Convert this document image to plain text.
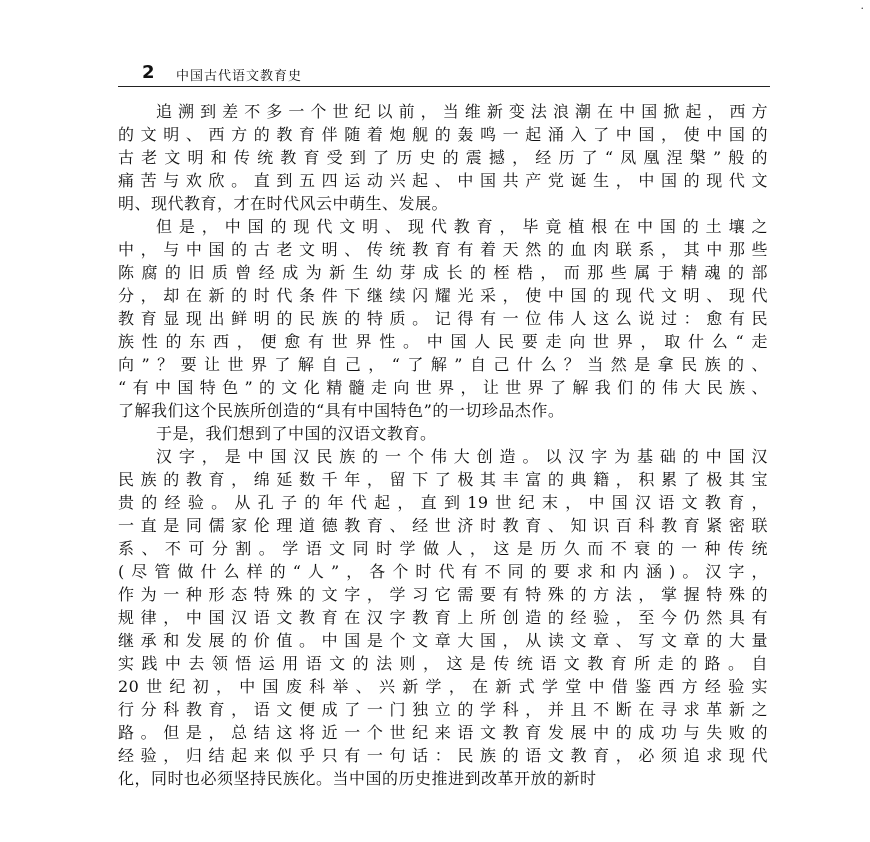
·
2 中国古代语文教育史
追溯到差不多一个世纪以前，当维新变法浪潮在中国掀起，西方
的文明、西方的教育伴随着炮舰的轰鸣一起涌入了中国，使中国的
古老文明和传统教育受到了历史的震撼，经历了“凤凰涅槃”般的
痛苦与欢欣。直到五四运动兴起、中国共产党诞生，中国的现代文
明、现代教育，才在时代风云中萌生、发展。
但是，中国的现代文明、现代教育，毕竟植根在中国的土壤之
中，与中国的古老文明、传统教育有着天然的血肉联系，其中那些
陈腐的旧质曾经成为新生幼芽成长的桎梏，而那些属于精魂的部
分，却在新的时代条件下继续闪耀光采，使中国的现代文明、现代
教育显现出鲜明的民族的特质。记得有一位伟人这么说过：愈有民
族性的东西，便愈有世界性。中国人民要走向世界，取什么“走
向”？要让世界了解自己，“了解”自己什么？当然是拿民族的、
“有中国特色”的文化精髓走向世界，让世界了解我们的伟大民族、
了解我们这个民族所创造的“具有中国特色”的一切珍品杰作。
于是，我们想到了中国的汉语文教育。
汉字，是中国汉民族的一个伟大创造。以汉字为基础的中国汉
民族的教育，绵延数千年，留下了极其丰富的典籍，积累了极其宝
贵的经验。从孔子的年代起，直到19世纪末，中国汉语文教育，
一直是同儒家伦理道德教育、经世济时教育、知识百科教育紧密联
系、不可分割。学语文同时学做人，这是历久而不衰的一种传统
(尽管做什么样的“人”，各个时代有不同的要求和内涵)。汉字，
作为一种形态特殊的文字，学习它需要有特殊的方法，掌握特殊的
规律，中国汉语文教育在汉字教育上所创造的经验，至今仍然具有
继承和发展的价值。中国是个文章大国，从读文章、写文章的大量
实践中去领悟运用语文的法则，这是传统语文教育所走的路。自
20世纪初，中国废科举、兴新学，在新式学堂中借鉴西方经验实
行分科教育，语文便成了一门独立的学科，并且不断在寻求革新之
路。但是，总结这将近一个世纪来语文教育发展中的成功与失败的
经验，归结起来似乎只有一句话：民族的语文教育，必须追求现代
化，同时也必须坚持民族化。当中国的历史推进到改革开放的新时
